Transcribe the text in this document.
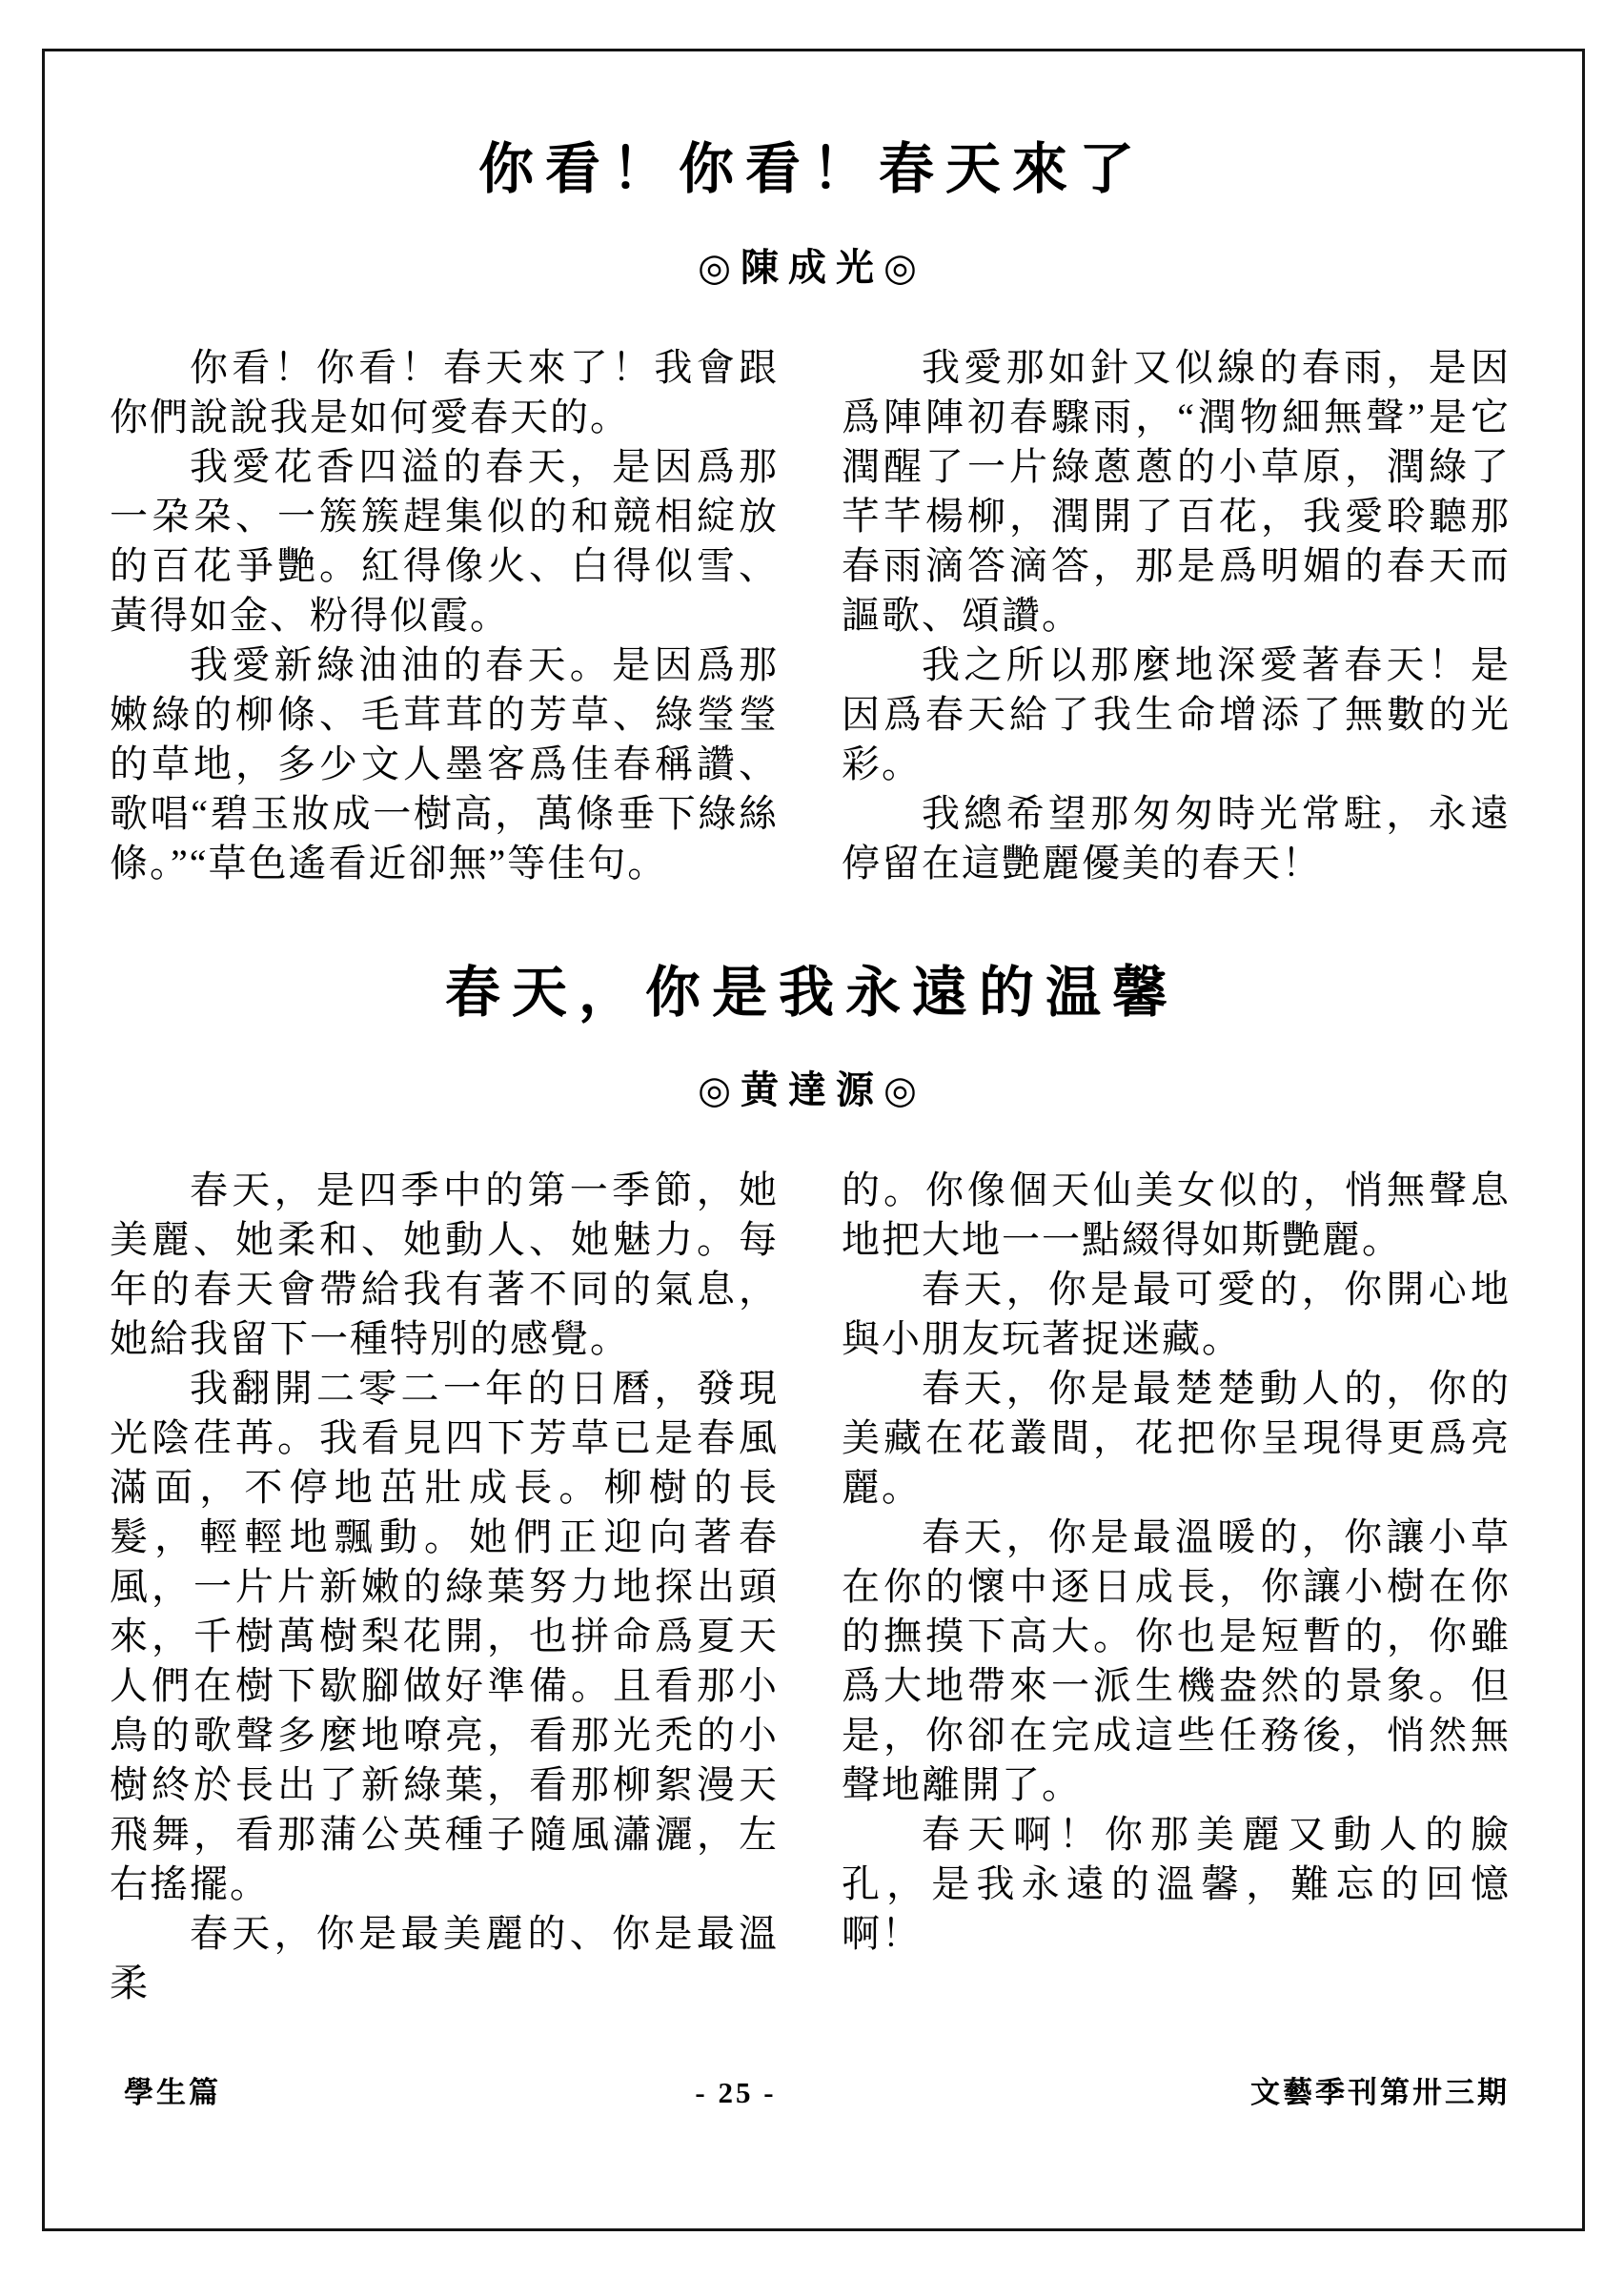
你看！你看！春天來了
◎陳成光◎

你看！你看！春天來了！我會跟你們說說我是如何愛春天的。

我愛花香四溢的春天，是因爲那一朶朶、一簇簇趕集似的和競相綻放的百花爭艷。紅得像火、白得似雪、黃得如金、粉得似霞。

我愛新綠油油的春天。是因爲那嫩綠的柳條、毛茸茸的芳草、綠瑩瑩的草地，多少文人墨客爲佳春稱讚、歌唱“碧玉妝成一樹高，萬條垂下綠絲條。”“草色遙看近卻無”等佳句。

我愛那如針又似線的春雨，是因爲陣陣初春驟雨，“潤物細無聲”是它潤醒了一片綠蔥蔥的小草原，潤綠了芊芊楊柳，潤開了百花，我愛聆聽那春雨滴答滴答，那是爲明媚的春天而謳歌、頌讚。

我之所以那麼地深愛著春天！是因爲春天給了我生命增添了無數的光彩。

我總希望那匆匆時光常駐，永遠停留在這艷麗優美的春天！

春天，你是我永遠的温馨
◎黄達源◎

春天，是四季中的第一季節，她美麗、她柔和、她動人、她魅力。每年的春天會帶給我有著不同的氣息，她給我留下一種特別的感覺。

我翻開二零二一年的日曆，發現光陰荏苒。我看見四下芳草已是春風滿面，不停地茁壯成長。柳樹的長髮，輕輕地飄動。她們正迎向著春風，一片片新嫩的綠葉努力地探出頭來，千樹萬樹梨花開，也拼命爲夏天人們在樹下歇腳做好準備。且看那小鳥的歌聲多麼地嘹亮，看那光禿的小樹終於長出了新綠葉，看那柳絮漫天飛舞，看那蒲公英種子隨風瀟灑，左右搖擺。

春天，你是最美麗的、你是最溫柔

的。你像個天仙美女似的，悄無聲息地把大地一一點綴得如斯艷麗。

春天，你是最可愛的，你開心地與小朋友玩著捉迷藏。

春天，你是最楚楚動人的，你的美藏在花叢間，花把你呈現得更爲亮麗。

春天，你是最溫暖的，你讓小草在你的懷中逐日成長，你讓小樹在你的撫摸下高大。你也是短暫的，你雖爲大地帶來一派生機盎然的景象。但是，你卻在完成這些任務後，悄然無聲地離開了。

春天啊！你那美麗又動人的臉孔，是我永遠的溫馨，難忘的回憶啊！

學生篇	- 25 -	文藝季刊第卅三期
